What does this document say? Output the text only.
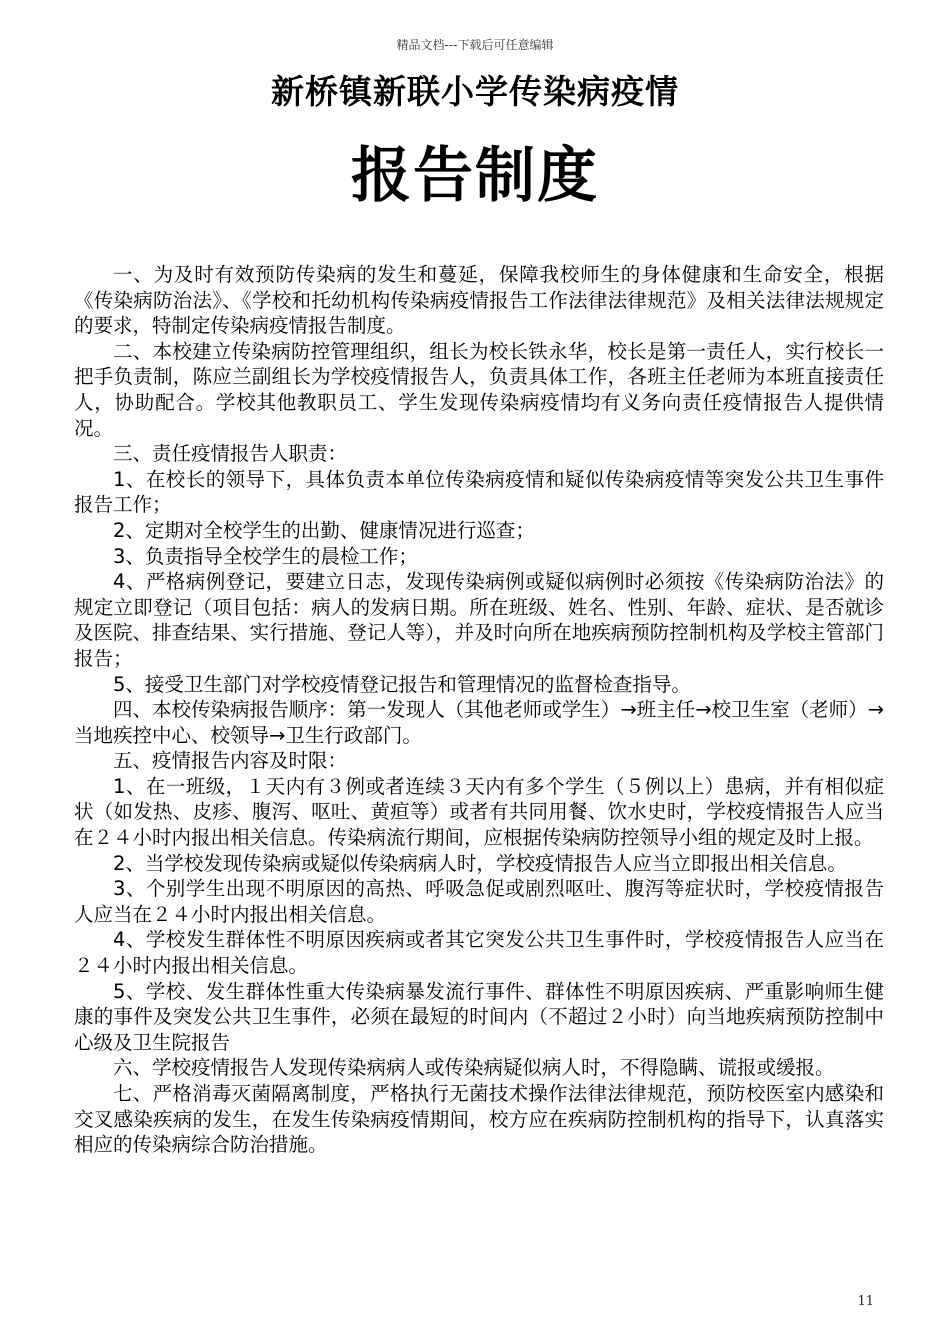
精品文档---下载后可任意编辑
新桥镇新联小学传染病疫情
报告制度

一、为及时有效预防传染病的发生和蔓延，保障我校师生的身体健康和生命安全，根据《传染病防治法》、《学校和托幼机构传染病疫情报告工作法律法律规范》及相关法律法规规定的要求，特制定传染病疫情报告制度。

二、本校建立传染病防控管理组织，组长为校长铁永华，校长是第一责任人，实行校长一把手负责制，陈应兰副组长为学校疫情报告人，负责具体工作，各班主任老师为本班直接责任人，协助配合。学校其他教职员工、学生发现传染病疫情均有义务向责任疫情报告人提供情况。

三、责任疫情报告人职责：

1、在校长的领导下，具体负责本单位传染病疫情和疑似传染病疫情等突发公共卫生事件报告工作；

2、定期对全校学生的出勤、健康情况进行巡查；

3、负责指导全校学生的晨检工作；

4、严格病例登记，要建立日志，发现传染病例或疑似病例时必须按《传染病防治法》的规定立即登记（项目包括：病人的发病日期。所在班级、姓名、性别、年龄、症状、是否就诊及医院、排查结果、实行措施、登记人等），并及时向所在地疾病预防控制机构及学校主管部门报告；

5、接受卫生部门对学校疫情登记报告和管理情况的监督检查指导。

四、本校传染病报告顺序：第一发现人（其他老师或学生）→班主任→校卫生室（老师）→当地疾控中心、校领导→卫生行政部门。

五、疫情报告内容及时限：

1、在一班级，１天内有３例或者连续３天内有多个学生（５例以上）患病，并有相似症状（如发热、皮疹、腹泻、呕吐、黄疸等）或者有共同用餐、饮水史时，学校疫情报告人应当在２４小时内报出相关信息。传染病流行期间，应根据传染病防控领导小组的规定及时上报。

2、当学校发现传染病或疑似传染病病人时，学校疫情报告人应当立即报出相关信息。

3、个别学生出现不明原因的高热、呼吸急促或剧烈呕吐、腹泻等症状时，学校疫情报告人应当在２４小时内报出相关信息。

4、学校发生群体性不明原因疾病或者其它突发公共卫生事件时，学校疫情报告人应当在２４小时内报出相关信息。

5、学校、发生群体性重大传染病暴发流行事件、群体性不明原因疾病、严重影响师生健康的事件及突发公共卫生事件，必须在最短的时间内（不超过２小时）向当地疾病预防控制中心级及卫生院报告

六、学校疫情报告人发现传染病病人或传染病疑似病人时，不得隐瞒、谎报或缓报。

七、严格消毒灭菌隔离制度，严格执行无菌技术操作法律法律规范，预防校医室内感染和交叉感染疾病的发生，在发生传染病疫情期间，校方应在疾病防控制机构的指导下，认真落实相应的传染病综合防治措施。

11
